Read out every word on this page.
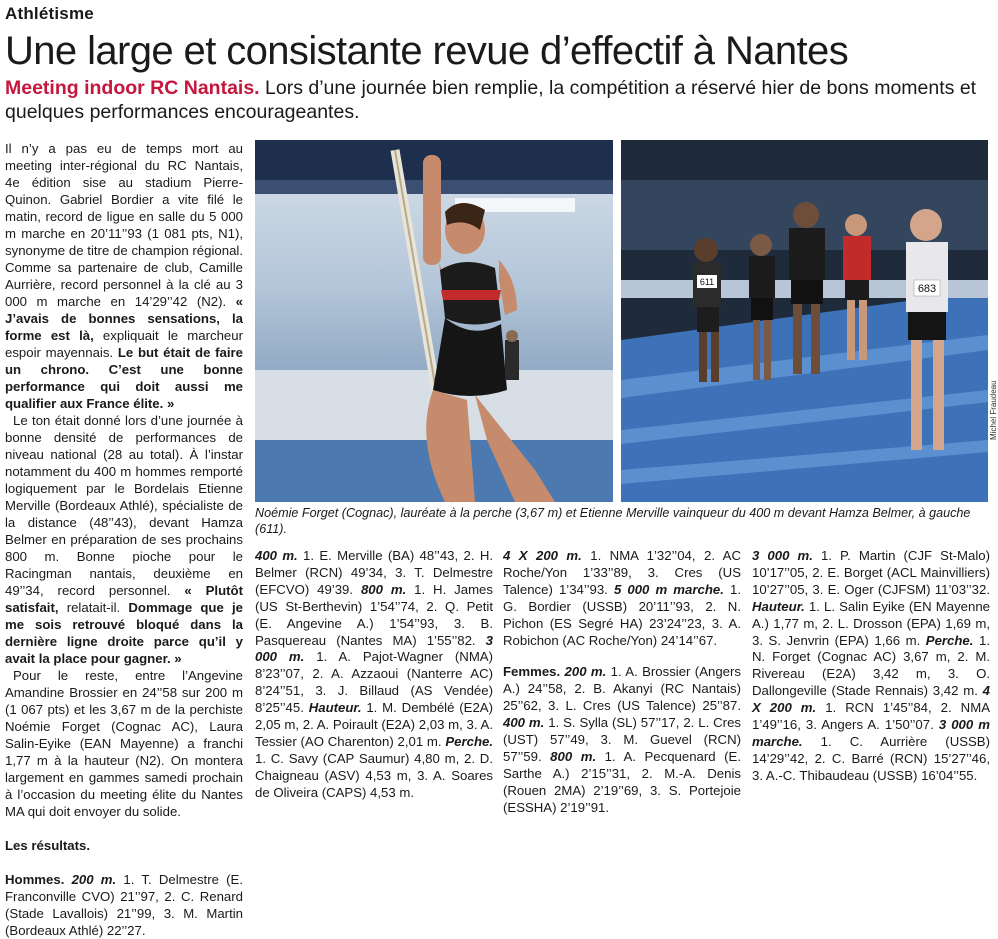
Athlétisme
Une large et consistante revue d’effectif à Nantes
Meeting indoor RC Nantais. Lors d’une journée bien remplie, la compétition a réservé hier de bons moments et quelques performances encourageantes.

Il n’y a pas eu de temps mort au meeting inter-régional du RC Nantais, 4e édition sise au stadium Pierre-Quinon. Gabriel Bordier a vite filé le matin, record de ligue en salle du 5 000 m marche en 20’11’’93 (1 081 pts, N1), synonyme de titre de champion régional. Comme sa partenaire de club, Camille Aurrière, record personnel à la clé au 3 000 m marche en 14’29’’42 (N2). « J’avais de bonnes sensations, la forme est là, expliquait le marcheur espoir mayennais. Le but était de faire un chrono. C’est une bonne performance qui doit aussi me qualifier aux France élite. »

Le ton était donné lors d’une journée à bonne densité de performances de niveau national (28 au total). À l’instar notamment du 400 m hommes remporté logiquement par le Bordelais Etienne Merville (Bordeaux Athlé), spécialiste de la distance (48’’43), devant Hamza Belmer en préparation de ses prochains 800 m. Bonne pioche pour le Racingman nantais, deuxième en 49’’34, record personnel. « Plutôt satisfait, relatait-il. Dommage que je me sois retrouvé bloqué dans la dernière ligne droite parce qu’il y avait la place pour gagner. »

Pour le reste, entre l’Angevine Amandine Brossier en 24’’58 sur 200 m (1 067 pts) et les 3,67 m de la perchiste Noémie Forget (Cognac AC), Laura Salin-Eyike (EAN Mayenne) a franchi 1,77 m à la hauteur (N2). On montera largement en gammes samedi prochain à l’occasion du meeting élite du Nantes MA qui doit envoyer du solide.

Les résultats.

Hommes. 200 m. 1. T. Delmestre (E. Franconville CVO) 21’’97, 2. C. Renard (Stade Lavallois) 21’’99, 3. M. Martin (Bordeaux Athlé) 22’’27.

611
683
Michel Fraudeau
Noémie Forget (Cognac), lauréate à la perche (3,67 m) et Etienne Merville vainqueur du 400 m devant Hamza Belmer, à gauche (611).

400 m. 1. E. Merville (BA) 48’’43, 2. H. Belmer (RCN) 49’34, 3. T. Delmestre (EFCVO) 49’39. 800 m. 1. H. James (US St-Berthevin) 1’54’’74, 2. Q. Petit (E. Angevine A.) 1’54’’93, 3. B. Pasquereau (Nantes MA) 1’55’’82. 3 000 m. 1. A. Pajot-Wagner (NMA) 8’23’’07, 2. A. Azzaoui (Nanterre AC) 8’24’’51, 3. J. Billaud (AS Vendée) 8’25’’45. Hauteur. 1. M. Dembélé (E2A) 2,05 m, 2. A. Poirault (E2A) 2,03 m, 3. A. Tessier (AO Charenton) 2,01 m. Perche. 1. C. Savy (CAP Saumur) 4,80 m, 2. D. Chaigneau (ASV) 4,53 m, 3. A. Soares de Oliveira (CAPS) 4,53 m.

4 X 200 m. 1. NMA 1’32’’04, 2. AC Roche/Yon 1’33’’89, 3. Cres (US Talence) 1’34’’93. 5 000 m marche. 1. G. Bordier (USSB) 20’11’’93, 2. N. Pichon (ES Segré HA) 23’24’’23, 3. A. Robichon (AC Roche/Yon) 24’14’’67.

Femmes. 200 m. 1. A. Brossier (Angers A.) 24’’58, 2. B. Akanyi (RC Nantais) 25’’62, 3. L. Cres (US Talence) 25’’87. 400 m. 1. S. Sylla (SL) 57’’17, 2. L. Cres (UST) 57’’49, 3. M. Guevel (RCN) 57’’59. 800 m. 1. A. Pecquenard (E. Sarthe A.) 2’15’’31, 2. M.-A. Denis (Rouen 2MA) 2’19’’69, 3. S. Portejoie (ESSHA) 2’19’’91.

3 000 m. 1. P. Martin (CJF St-Malo) 10’17’’05, 2. E. Borget (ACL Mainvilliers) 10’27’’05, 3. E. Oger (CJFSM) 11’03’’32. Hauteur. 1. L. Salin Eyike (EN Mayenne A.) 1,77 m, 2. L. Drosson (EPA) 1,69 m, 3. S. Jenvrin (EPA) 1,66 m. Perche. 1. N. Forget (Cognac AC) 3,67 m, 2. M. Rivereau (E2A) 3,42 m, 3. O. Dallongeville (Stade Rennais) 3,42 m. 4 X 200 m. 1. RCN 1’45’’84, 2. NMA 1’49’’16, 3. Angers A. 1’50’’07. 3 000 m marche. 1. C. Aurrière (USSB) 14’29’’42, 2. C. Barré (RCN) 15’27’’46, 3. A.-C. Thibaudeau (USSB) 16’04’’55.
